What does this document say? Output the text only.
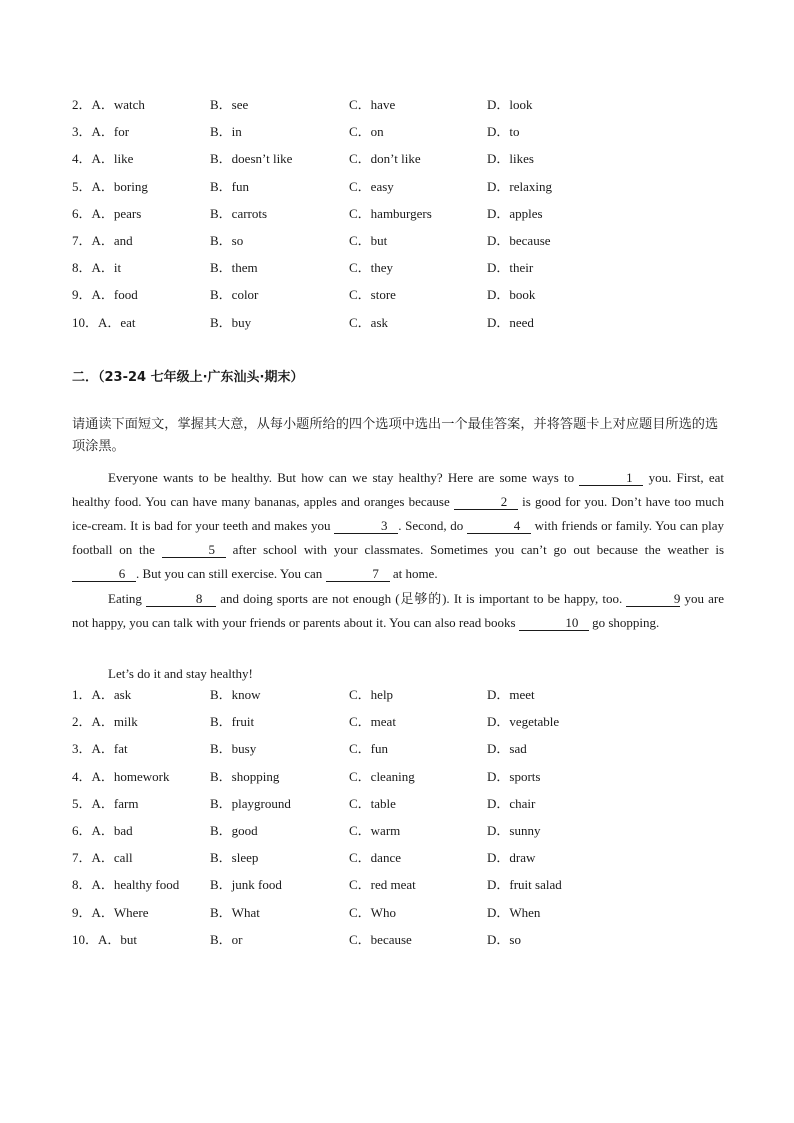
2．A．watch	B．see	C．have	D．look
3．A．for	B．in	C．on	D．to
4．A．like	B．doesn’t like	C．don’t like	D．likes
5．A．boring	B．fun	C．easy	D．relaxing
6．A．pears	B．carrots	C．hamburgers	D．apples
7．A．and	B．so	C．but	D．because
8．A．it	B．them	C．they	D．their
9．A．food	B．color	C．store	D．book
10．A．eat	B．buy	C．ask	D．need
二．（23-24 七年级上·广东汕头·期末）
请通读下面短文，掌握其大意，从每小题所给的四个选项中选出一个最佳答案，并将答题卡上对应题目所选的选项涂黑。
Everyone wants to be healthy. But how can we stay healthy? Here are some ways to	1 you. First, eat healthy food. You can have many bananas, apples and oranges because	2 is good for you. Don’t have too much ice-cream. It is bad for your teeth and makes you	3 . Second, do	4 with friends or family. You can play football on the	5 after school with your classmates. Sometimes you can’t go out because the weather is 6 . But you can still exercise. You can	7 at home.
Eating	8 and doing sports are not enough (足够的). It is important to be happy, too.	9 you are not happy, you can talk with your friends or parents about it. You can also read books	10 go shopping.
Let’s do it and stay healthy!
1．A．ask	B．know	C．help	D．meet
2．A．milk	B．fruit	C．meat	D．vegetable
3．A．fat	B．busy	C．fun	D．sad
4．A．homework	B．shopping	C．cleaning	D．sports
5．A．farm	B．playground	C．table	D．chair
6．A．bad	B．good	C．warm	D．sunny
7．A．call	B．sleep	C．dance	D．draw
8．A．healthy food B．junk food	C．red meat	D．fruit salad
9．A．Where	B．What	C．Who	D．When
10．A．but	B．or	C．because	D．so
